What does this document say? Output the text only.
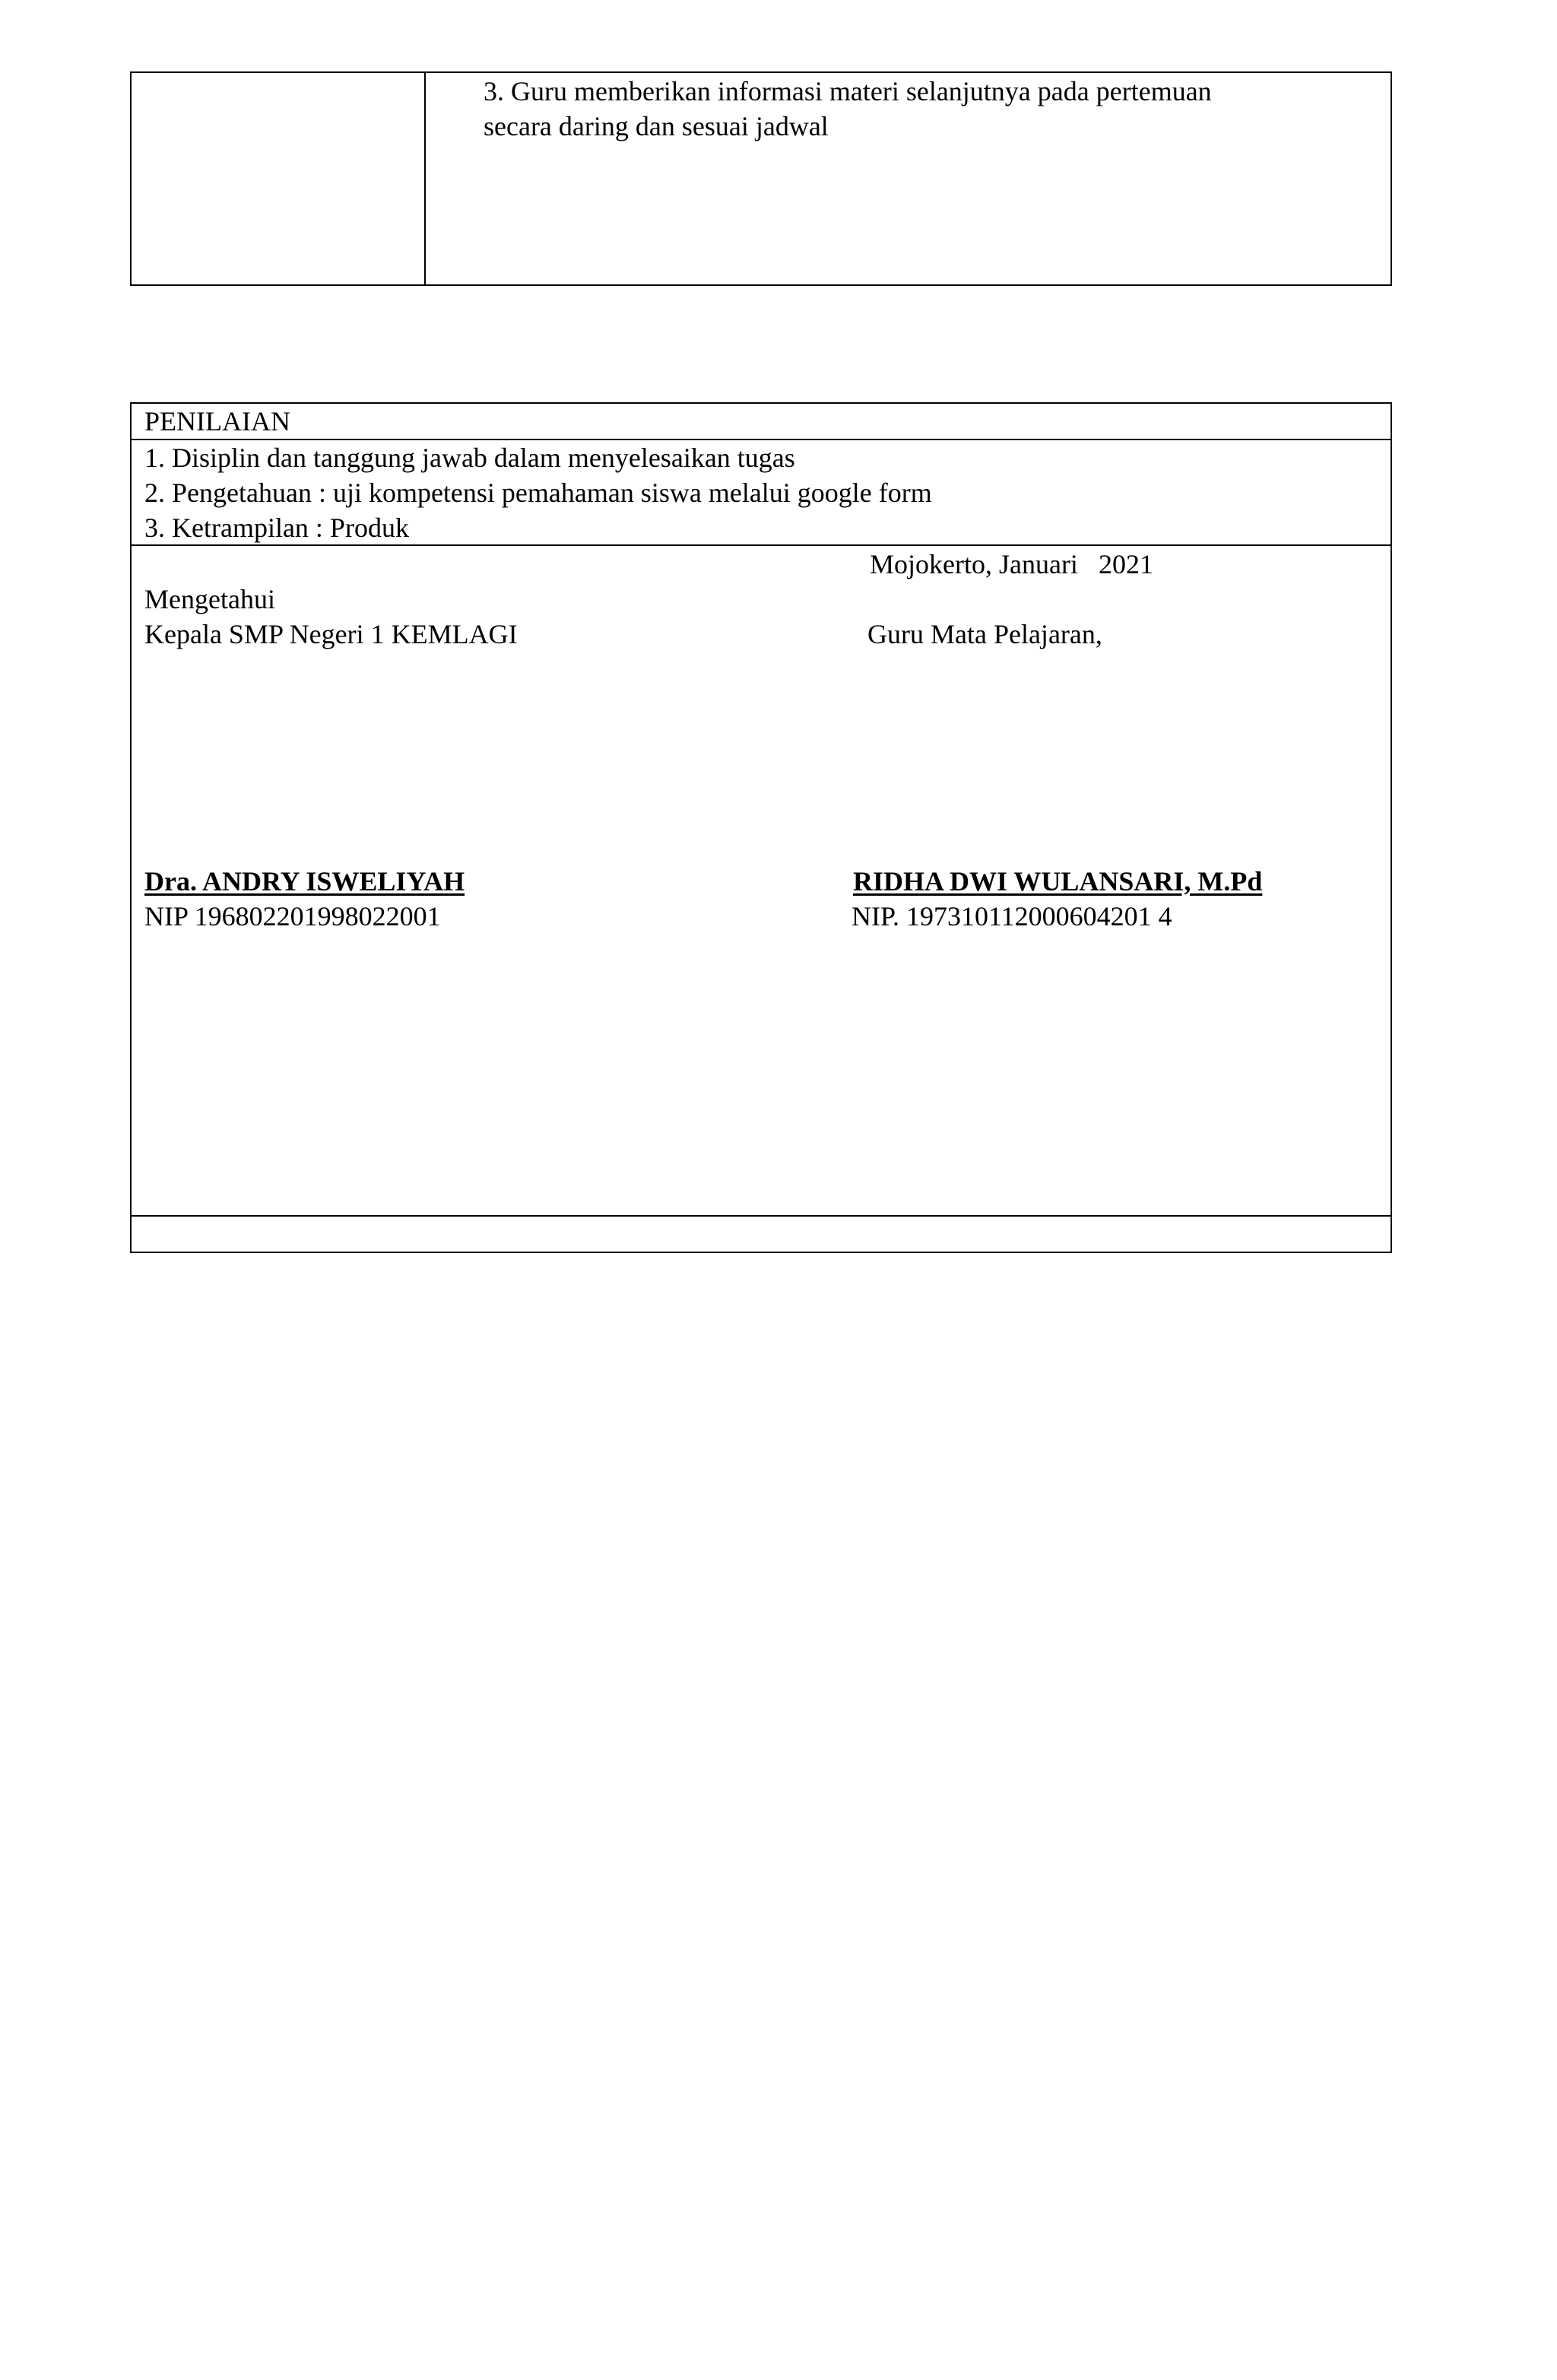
3. Guru memberikan informasi materi selanjutnya pada pertemuan
secara daring dan sesuai jadwal
PENILAIAN
1. Disiplin dan tanggung jawab dalam menyelesaikan tugas
2. Pengetahuan : uji kompetensi pemahaman siswa melalui google form
3. Ketrampilan : Produk
Mojokerto, Januari   2021
Mengetahui
Kepala SMP Negeri 1 KEMLAGI	Guru Mata Pelajaran,
Dra. ANDRY ISWELIYAH	RIDHA DWI WULANSARI, M.Pd
NIP 196802201998022001	NIP. 197310112000604201 4
